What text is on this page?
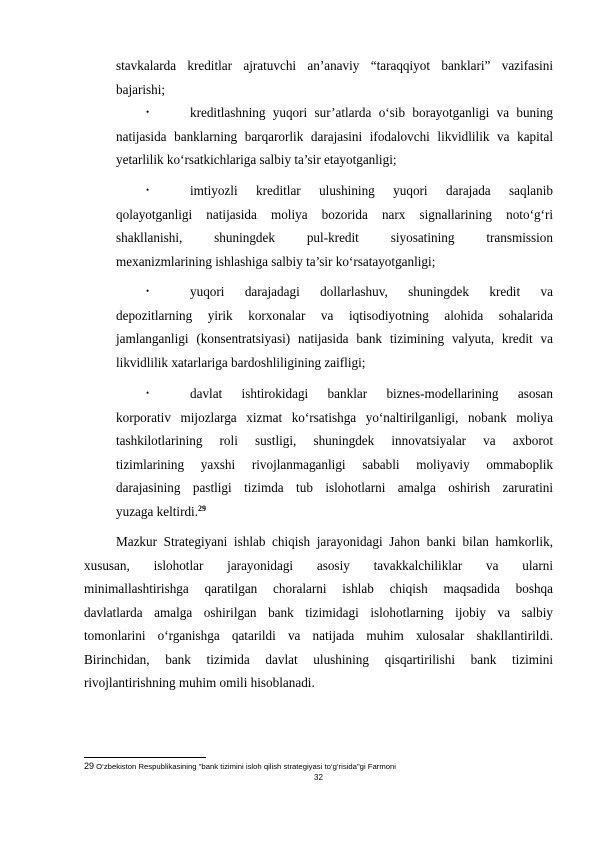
stavkalarda kreditlar ajratuvchi an’anaviy “taraqqiyot banklari” vazifasini
bajarishi;
•	kreditlashning yuqori sur’atlarda o‘sib borayotganligi va buning
natijasida banklarning barqarorlik darajasini ifodalovchi likvidlilik va kapital
yetarlilik ko‘rsatkichlariga salbiy ta’sir etayotganligi;
•	imtiyozli kreditlar ulushining yuqori darajada saqlanib
qolayotganligi natijasida moliya bozorida narx signallarining noto‘g‘ri
shakllanishi, shuningdek pul-kredit siyosatining transmission
mexanizmlarining ishlashiga salbiy ta’sir ko‘rsatayotganligi;
•	yuqori darajadagi dollarlashuv, shuningdek kredit va
depozitlarning yirik korxonalar va iqtisodiyotning alohida sohalarida
jamlanganligi (konsentratsiyasi) natijasida bank tizimining valyuta, kredit va
likvidlilik xatarlariga bardoshliligining zaifligi;
•	davlat ishtirokidagi banklar biznes-modellarining asosan
korporativ mijozlarga xizmat ko‘rsatishga yo‘naltirilganligi, nobank moliya
tashkilotlarining roli sustligi, shuningdek innovatsiyalar va axborot
tizimlarining yaxshi rivojlanmaganligi sababli moliyaviy ommaboplik
darajasining pastligi tizimda tub islohotlarni amalga oshirish zaruratini
yuzaga keltirdi.$^{29}$
Mazkur Strategiyani ishlab chiqish jarayonidagi Jahon banki bilan hamkorlik,
xususan, islohotlar jarayonidagi asosiy tavakkalchiliklar va ularni
minimallashtirishga qaratilgan choralarni ishlab chiqish maqsadida boshqa
davlatlarda amalga oshirilgan bank tizimidagi islohotlarning ijobiy va salbiy
tomonlarini o‘rganishga qatarildi va natijada muhim xulosalar shakllantirildi.
Birinchidan, bank tizimida davlat ulushining qisqartirilishi bank tizimini
rivojlantirishning muhim omili hisoblanadi.
29 O‘zbekiston Respublikasining "bank tizimini isloh qilish strategiyasi to‘g‘risida"gi Farmoni
32
